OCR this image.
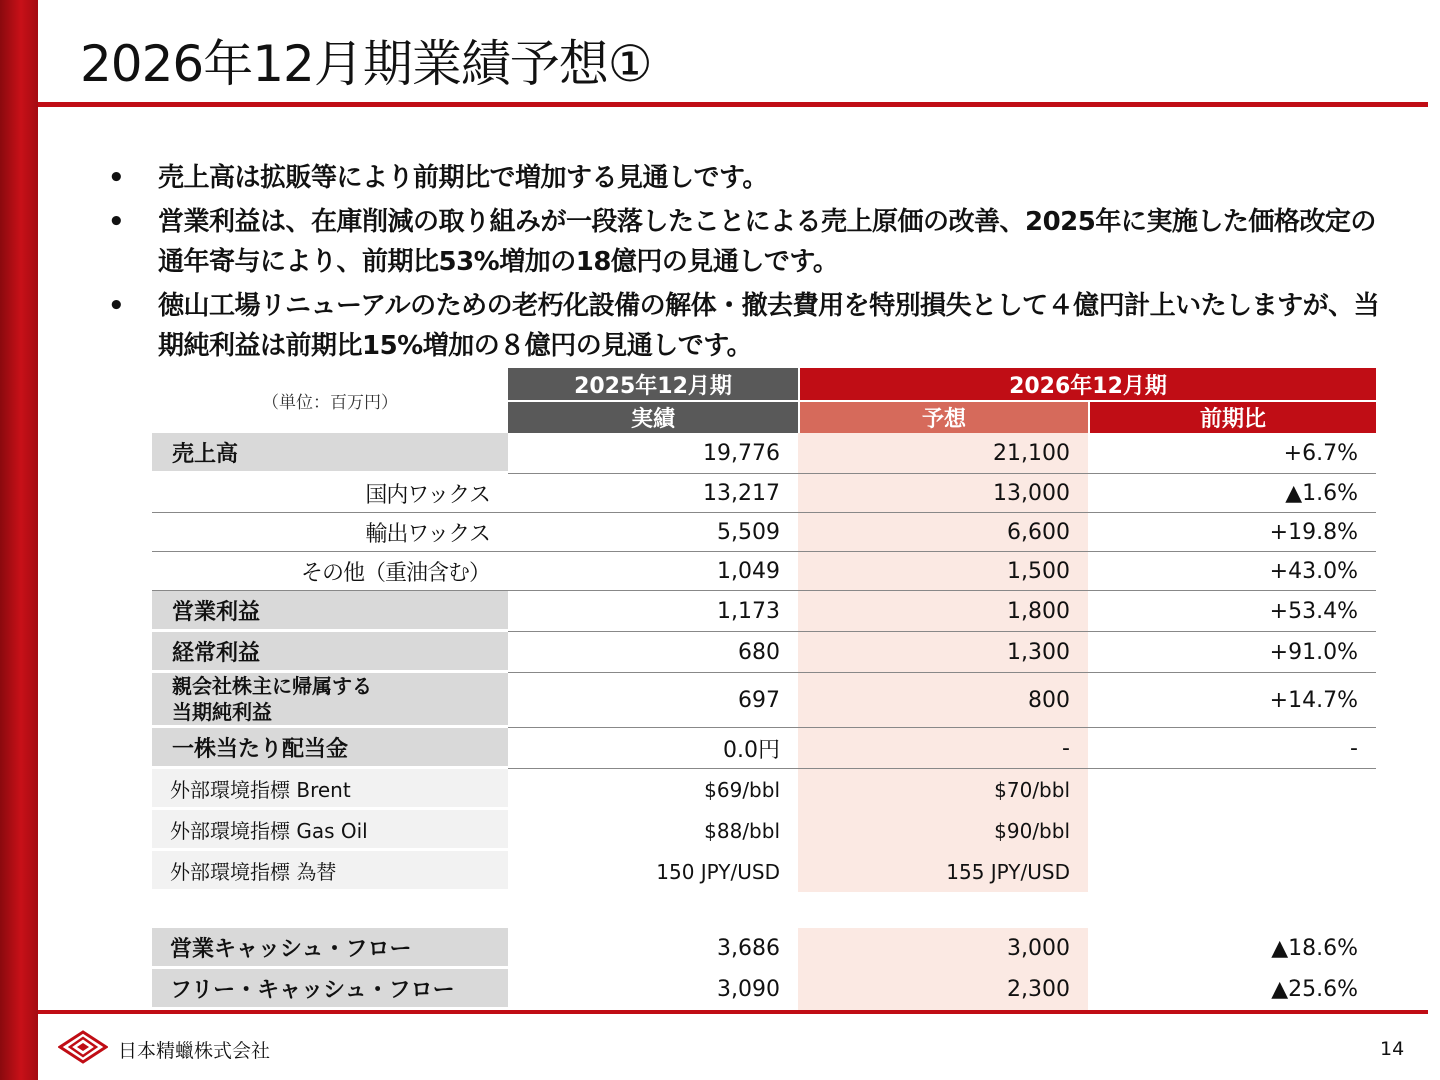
2026年12月期業績予想①
• 売上高は拡販等により前期比で増加する見通しです。
• 営業利益は、在庫削減の取り組みが一段落したことによる売上原価の改善、2025年に実施した価格改定の通年寄与により、前期比53%増加の18億円の見通しです。
• 徳山工場リニューアルのための老朽化設備の解体・撤去費用を特別損失として４億円計上いたしますが、当期純利益は前期比15%増加の８億円の見通しです。
（単位：百万円）	2025年12月期	2026年12月期	
	実績	予想	前期比
売上高	19,776	21,100	+6.7%
国内ワックス	13,217	13,000	▲1.6%
輸出ワックス	5,509	6,600	+19.8%
その他（重油含む）	1,049	1,500	+43.0%
営業利益	1,173	1,800	+53.4%
経常利益	680	1,300	+91.0%

親会社株主に帰属する
当期純利益	697	800	+14.7%
一株当たり配当金	0.0円	-	-
外部環境指標 Brent	$69/bbl	$70/bbl	
外部環境指標 Gas Oil	$88/bbl	$90/bbl	
外部環境指標 為替	150 JPY/USD	155 JPY/USD	

営業キャッシュ・フロー	3,686	3,000	▲18.6%
フリー・キャッシュ・フロー	3,090	2,300	▲25.6%
日本精蠟株式会社	14
